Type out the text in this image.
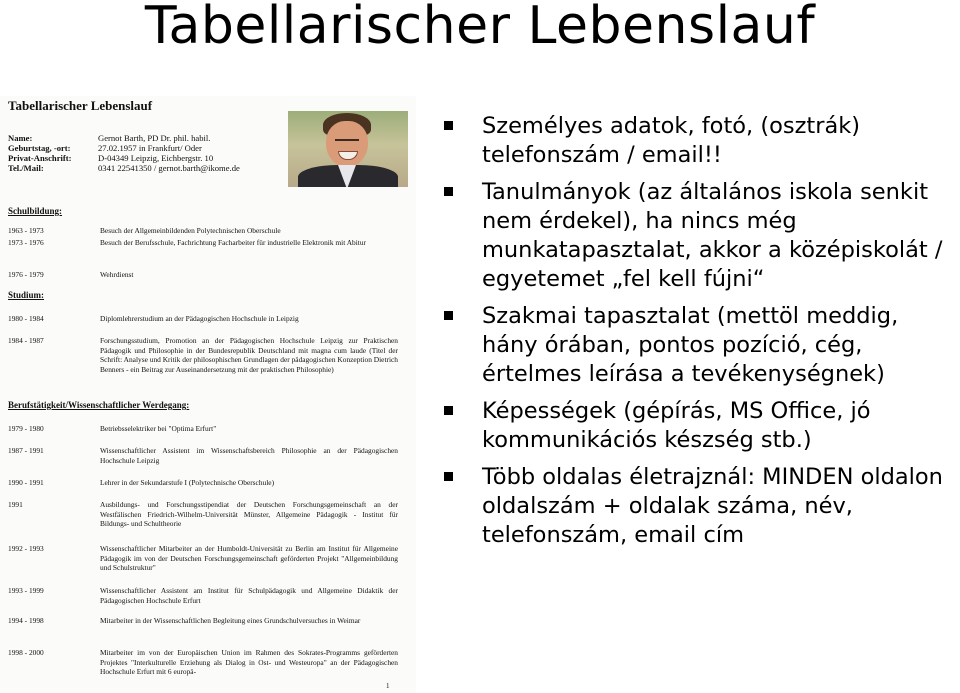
Tabellarischer Lebenslauf
Tabellarischer Lebenslauf
Name:	Gernot Barth, PD Dr. phil. habil.
Geburtstag, -ort:	27.02.1957 in Frankfurt/ Oder
Privat-Anschrift:	D-04349 Leipzig, Eichbergstr. 10
Tel./Mail:	0341 22541350 / gernot.barth@ikome.de
Schulbildung:
1963 - 1973	Besuch der Allgemeinbildenden Polytechnischen Oberschule
1973 - 1976	Besuch der Berufsschule, Fachrichtung Facharbeiter für industrielle Elektronik mit Abitur
1976 - 1979	Wehrdienst
Studium:
1980 - 1984	Diplomlehrerstudium an der Pädagogischen Hochschule in Leipzig
1984 - 1987	Forschungsstudium, Promotion an der Pädagogischen Hochschule Leipzig zur Praktischen Pädagogik und Philosophie in der Bundesrepublik Deutschland mit magna cum laude (Titel der Schrift: Analyse und Kritik der philosophischen Grundlagen der pädagogischen Konzeption Dietrich Benners - ein Beitrag zur Auseinandersetzung mit der praktischen Philosophie)
Berufstätigkeit/Wissenschaftlicher Werdegang:
1979 - 1980	Betriebsselektriker bei "Optima Erfurt"
1987 - 1991	Wissenschaftlicher Assistent im Wissenschaftsbereich Philosophie an der Pädagogischen Hochschule Leipzig
1990 - 1991	Lehrer in der Sekundarstufe I (Polytechnische Oberschule)
1991	Ausbildungs- und Forschungsstipendiat der Deutschen Forschungsgemeinschaft an der Westfälischen Friedrich-Wilhelm-Universität Münster, Allgemeine Pädagogik - Institut für Bildungs- und Schultheorie
1992 - 1993	Wissenschaftlicher Mitarbeiter an der Humboldt-Universität zu Berlin am Institut für Allgemeine Pädagogik im von der Deutschen Forschungsgemeinschaft geförderten Projekt "Allgemeinbildung und Schulstruktur"
1993 - 1999	Wissenschaftlicher Assistent am Institut für Schulpädagogik und Allgemeine Didaktik der Pädagogischen Hochschule Erfurt
1994 - 1998	Mitarbeiter in der Wissenschaftlichen Begleitung eines Grundschulversuches in Weimar
1998 - 2000	Mitarbeiter im von der Europäischen Union im Rahmen des Sokrates-Programms geförderten Projektes "Interkulturelle Erziehung als Dialog in Ost- und Westeuropa" an der Pädagogischen Hochschule Erfurt mit 6 europä-
1
Személyes adatok, fotó, (osztrák) telefonszám / email!!
Tanulmányok (az általános iskola senkit nem érdekel), ha nincs még munkatapasztalat, akkor a középiskolát / egyetemet „fel kell fújni“
Szakmai tapasztalat (mettöl meddig, hány órában, pontos pozíció, cég, értelmes leírása a tevékenységnek)
Képességek (gépírás, MS Office, jó kommunikációs készség stb.)
Több oldalas életrajznál: MINDEN oldalon oldalszám + oldalak száma, név, telefonszám, email cím
